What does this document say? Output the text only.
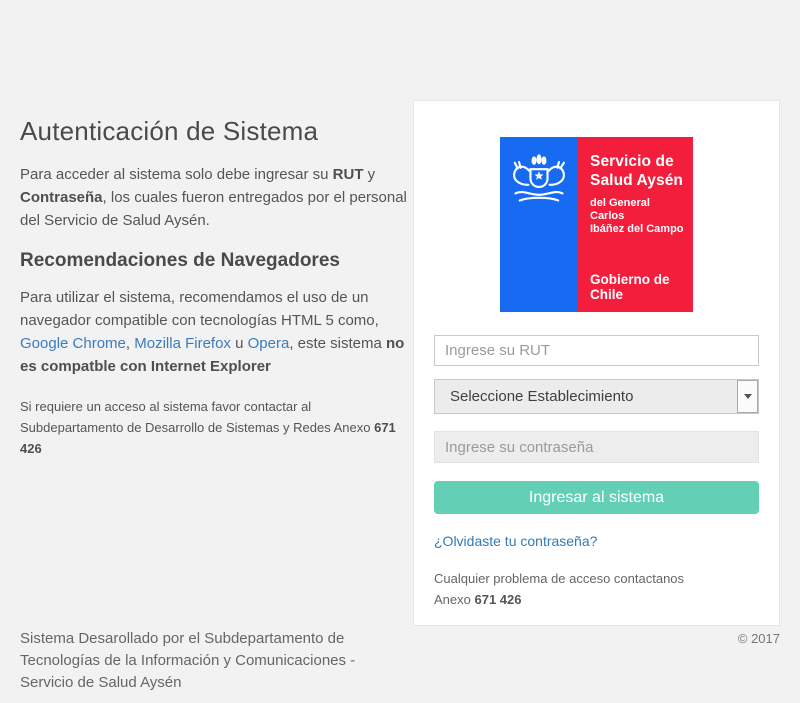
Autenticación de Sistema

Para acceder al sistema solo debe ingresar su RUT y Contraseña, los cuales fueron entregados por el personal del Servicio de Salud Aysén.

Recomendaciones de Navegadores

Para utilizar el sistema, recomendamos el uso de un navegador compatible con tecnologías HTML 5 como, Google Chrome, Mozilla Firefox u Opera, este sistema no es compatble con Internet Explorer

Si requiere un acceso al sistema favor contactar al Subdepartamento de Desarrollo de Sistemas y Redes Anexo 671 426

Servicio de
Salud Aysén
del General Carlos
Ibáñez del Campo
Gobierno de Chile
Ingrese su RUT
Seleccione Establecimiento
Ingresar al sistema
¿Olvidaste tu contraseña?
Cualquier problema de acceso contactanos
Anexo 671 426
Sistema Desarollado por el Subdepartamento de Tecnologías de la Información y Comunicaciones - Servicio de Salud Aysén
© 2017
